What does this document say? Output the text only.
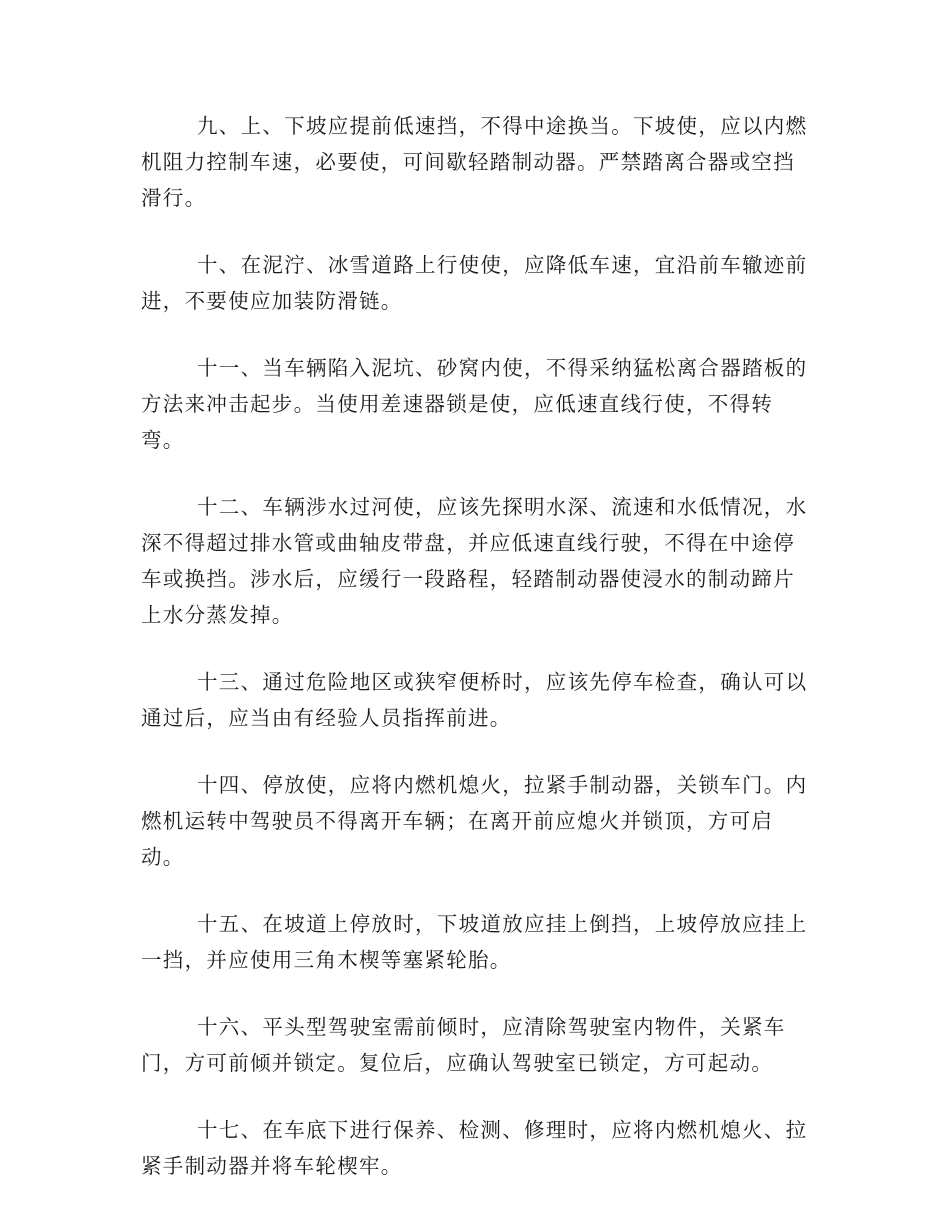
九、上、下坡应提前低速挡，不得中途换当。下坡使，应以内燃
机阻力控制车速，必要使，可间歇轻踏制动器。严禁踏离合器或空挡
滑行。

十、在泥泞、冰雪道路上行使使，应降低车速，宜沿前车辙迹前
进，不要使应加装防滑链。

十一、当车辆陷入泥坑、砂窝内使，不得采纳猛松离合器踏板的
方法来冲击起步。当使用差速器锁是使，应低速直线行使，不得转
弯。

十二、车辆涉水过河使，应该先探明水深、流速和水低情况，水
深不得超过排水管或曲轴皮带盘，并应低速直线行驶，不得在中途停
车或换挡。涉水后，应缓行一段路程，轻踏制动器使浸水的制动蹄片
上水分蒸发掉。

十三、通过危险地区或狭窄便桥时，应该先停车检查，确认可以
通过后，应当由有经验人员指挥前进。

十四、停放使，应将内燃机熄火，拉紧手制动器，关锁车门。内
燃机运转中驾驶员不得离开车辆；在离开前应熄火并锁顶，方可启
动。

十五、在坡道上停放时，下坡道放应挂上倒挡，上坡停放应挂上
一挡，并应使用三角木楔等塞紧轮胎。

十六、平头型驾驶室需前倾时，应清除驾驶室内物件，关紧车
门，方可前倾并锁定。复位后，应确认驾驶室已锁定，方可起动。

十七、在车底下进行保养、检测、修理时，应将内燃机熄火、拉
紧手制动器并将车轮楔牢。
